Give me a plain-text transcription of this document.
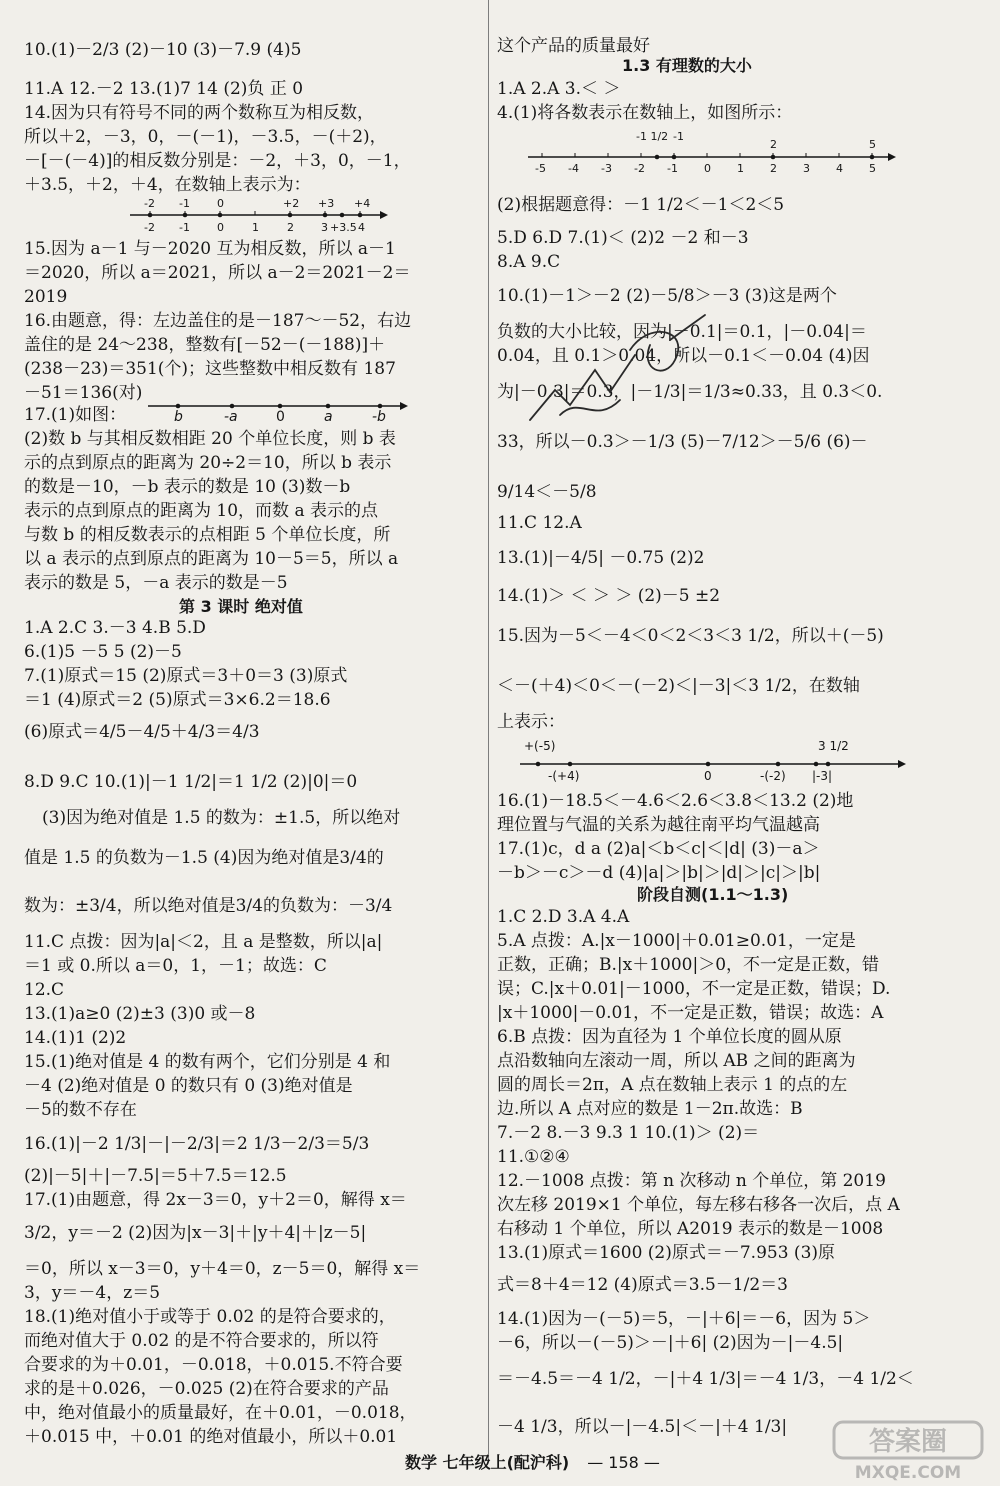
10.(1)－2/3 (2)－10 (3)－7.9 (4)5
11.A 12.－2 13.(1)7 14 (2)负 正 0
14.因为只有符号不同的两个数称互为相反数，
所以＋2，－3，0，－(－1)，－3.5，－(＋2)，
－[－(－4)]的相反数分别是：－2，＋3，0，－1，
＋3.5，＋2，＋4，在数轴上表示为：
15.因为 a－1 与－2020 互为相反数，所以 a－1
＝2020，所以 a＝2021，所以 a－2＝2021－2＝
2019
16.由题意，得：左边盖住的是－187～－52，右边
盖住的是 24～238，整数有[－52－(－188)]＋
(238－23)＝351(个)；这些整数中相反数有 187
－51＝136(对)
17.(1)如图：
(2)数 b 与其相反数相距 20 个单位长度，则 b 表
示的点到原点的距离为 20÷2＝10，所以 b 表示
的数是－10，－b 表示的数是 10 (3)数－b
表示的点到原点的距离为 10，而数 a 表示的点
与数 b 的相反数表示的点相距 5 个单位长度，所
以 a 表示的点到原点的距离为 10－5＝5，所以 a
表示的数是 5，－a 表示的数是－5
第 3 课时 绝对值
1.A 2.C 3.－3 4.B 5.D
6.(1)5 －5 5 (2)－5
7.(1)原式＝15 (2)原式＝3＋0＝3 (3)原式
＝1 (4)原式＝2 (5)原式＝3×6.2＝18.6
(6)原式＝4/5－4/5＋4/3＝4/3
8.D 9.C 10.(1)|－1 1/2|＝1 1/2 (2)|0|＝0
(3)因为绝对值是 1.5 的数为：±1.5，所以绝对
值是 1.5 的负数为－1.5 (4)因为绝对值是3/4的
数为：±3/4，所以绝对值是3/4的负数为：－3/4
11.C 点拨：因为|a|＜2，且 a 是整数，所以|a|
＝1 或 0.所以 a＝0，1，－1；故选：C
12.C
13.(1)a≥0 (2)±3 (3)0 或－8
14.(1)1 (2)2
15.(1)绝对值是 4 的数有两个，它们分别是 4 和
－4 (2)绝对值是 0 的数只有 0 (3)绝对值是
－5的数不存在
16.(1)|－2 1/3|－|－2/3|＝2 1/3－2/3＝5/3
(2)|－5|＋|－7.5|＝5＋7.5＝12.5
17.(1)由题意，得 2x－3＝0，y＋2＝0，解得 x＝
3/2，y＝－2 (2)因为|x－3|＋|y＋4|＋|z－5|
＝0，所以 x－3＝0，y＋4＝0，z－5＝0，解得 x＝
3，y＝－4，z＝5
18.(1)绝对值小于或等于 0.02 的是符合要求的，
而绝对值大于 0.02 的是不符合要求的，所以符
合要求的为＋0.01，－0.018，＋0.015.不符合要
求的是＋0.026，－0.025 (2)在符合要求的产品
中，绝对值最小的质量最好，在＋0.01，－0.018，
＋0.015 中，＋0.01 的绝对值最小，所以＋0.01
这个产品的质量最好
1.3 有理数的大小
1.A 2.A 3.＜ ＞
4.(1)将各数表示在数轴上，如图所示：
(2)根据题意得：－1 1/2＜－1＜2＜5
5.D 6.D 7.(1)＜ (2)2 －2 和－3
8.A 9.C
10.(1)－1＞－2 (2)－5/8＞－3 (3)这是两个
负数的大小比较，因为|－0.1|＝0.1，|－0.04|＝
0.04，且 0.1＞0.04，所以－0.1＜－0.04 (4)因
为|－0.3|＝0.3，|－1/3|＝1/3≈0.33，且 0.3＜0.
33，所以－0.3＞－1/3 (5)－7/12＞－5/6 (6)－
9/14＜－5/8
11.C 12.A
13.(1)|－4/5| －0.75 (2)2
14.(1)＞ ＜ ＞ ＞ (2)－5 ±2
15.因为－5＜－4＜0＜2＜3＜3 1/2，所以＋(－5)
＜－(＋4)＜0＜－(－2)＜|－3|＜3 1/2，在数轴
上表示：
16.(1)－18.5＜－4.6＜2.6＜3.8＜13.2 (2)地
理位置与气温的关系为越往南平均气温越高
17.(1)c，d a (2)a|＜b＜c|＜|d| (3)－a＞
－b＞－c＞－d (4)|a|＞|b|＞|d|＞|c|＞|b|
阶段自测(1.1～1.3)
1.C 2.D 3.A 4.A
5.A 点拨：A.|x－1000|＋0.01≥0.01，一定是
正数，正确；B.|x＋1000|＞0，不一定是正数，错
误；C.|x＋0.01|－1000，不一定是正数，错误；D.
|x＋1000|－0.01，不一定是正数，错误；故选：A
6.B 点拨：因为直径为 1 个单位长度的圆从原
点沿数轴向左滚动一周，所以 AB 之间的距离为
圆的周长＝2π，A 点在数轴上表示 1 的点的左
边.所以 A 点对应的数是 1－2π.故选：B
7.－2 8.－3 9.3 1 10.(1)＞ (2)＝
11.①②④
12.－1008 点拨：第 n 次移动 n 个单位，第 2019
次左移 2019×1 个单位，每左移右移各一次后，点 A
右移动 1 个单位，所以 A2019 表示的数是－1008
13.(1)原式＝1600 (2)原式＝－7.953 (3)原
式＝8＋4＝12 (4)原式＝3.5－1/2＝3
14.(1)因为－(－5)＝5，－|＋6|＝－6，因为 5＞
－6，所以－(－5)＞－|＋6| (2)因为－|－4.5|
＝－4.5＝－4 1/2，－|＋4 1/3|＝－4 1/3，－4 1/2＜
－4 1/3，所以－|－4.5|＜－|＋4 1/3|
-2 -1 0	+2 +3 +4
-2 -1 0	1	2 3 +3.5 4
b	-a	0	a	-b
-1 1/2 -1
2	5
-5 -4 -3 -2 -1 0 1 2 3 4 5
+(-5)	3 1/2
-(+4)	0	-(-2) |-3|
数学 七年级上(配沪科) — 158 —
答案圈
MXQE.COM
